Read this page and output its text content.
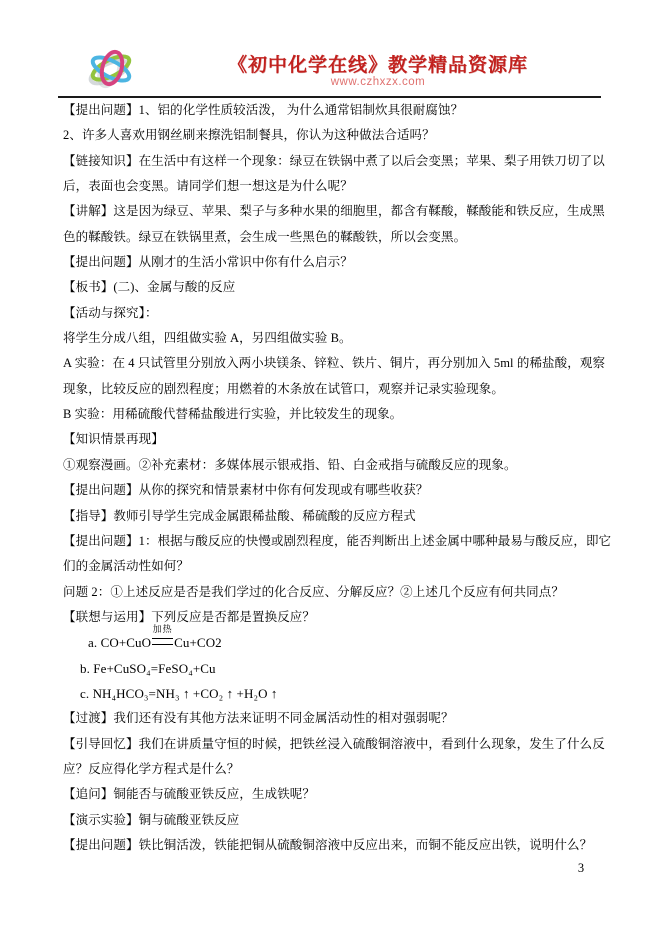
《初中化学在线》教学精品资源库
www.czhxzx.com
【提出问题】1、铝的化学性质较活泼， 为什么通常铝制炊具很耐腐蚀？
2、许多人喜欢用钢丝刷来擦洗铝制餐具，你认为这种做法合适吗？
【链接知识】在生活中有这样一个现象：绿豆在铁锅中煮了以后会变黑；苹果、梨子用铁刀切了以
后，表面也会变黑。请同学们想一想这是为什么呢？
【讲解】这是因为绿豆、苹果、梨子与多种水果的细胞里，都含有鞣酸，鞣酸能和铁反应，生成黑
色的鞣酸铁。绿豆在铁锅里煮，会生成一些黑色的鞣酸铁，所以会变黑。
【提出问题】从刚才的生活小常识中你有什么启示？
【板书】(二)、金属与酸的反应
【活动与探究】：
将学生分成八组，四组做实验 A，另四组做实验 B。
A 实验：在 4 只试管里分别放入两小块镁条、锌粒、铁片、铜片，再分别加入 5ml 的稀盐酸，观察
现象，比较反应的剧烈程度；用燃着的木条放在试管口，观察并记录实验现象。
B 实验：用稀硫酸代替稀盐酸进行实验，并比较发生的现象。
【知识情景再现】
①观察漫画。②补充素材：多媒体展示银戒指、铅、白金戒指与硫酸反应的现象。
【提出问题】从你的探究和情景素材中你有何发现或有哪些收获？
【指导】教师引导学生完成金属跟稀盐酸、稀硫酸的反应方程式
【提出问题】1：根据与酸反应的快慢或剧烈程度，能否判断出上述金属中哪种最易与酸反应，即它
们的金属活动性如何？
问题 2：①上述反应是否是我们学过的化合反应、分解反应？②上述几个反应有何共同点？
【联想与运用】下列反应是否都是置换反应？
a. CO+CuO
加热
Cu+CO2
b. Fe+CuSO₄=FeSO₄+Cu
c. NH₄HCO₃=NH₃ ↑ +CO₂ ↑ +H₂O ↑
【过渡】我们还有没有其他方法来证明不同金属活动性的相对强弱呢？
【引导回忆】我们在讲质量守恒的时候，把铁丝浸入硫酸铜溶液中，看到什么现象，发生了什么反
应？反应得化学方程式是什么？
【追问】铜能否与硫酸亚铁反应，生成铁呢？
【演示实验】铜与硫酸亚铁反应
【提出问题】铁比铜活泼，铁能把铜从硫酸铜溶液中反应出来，而铜不能反应出铁，说明什么？
3
